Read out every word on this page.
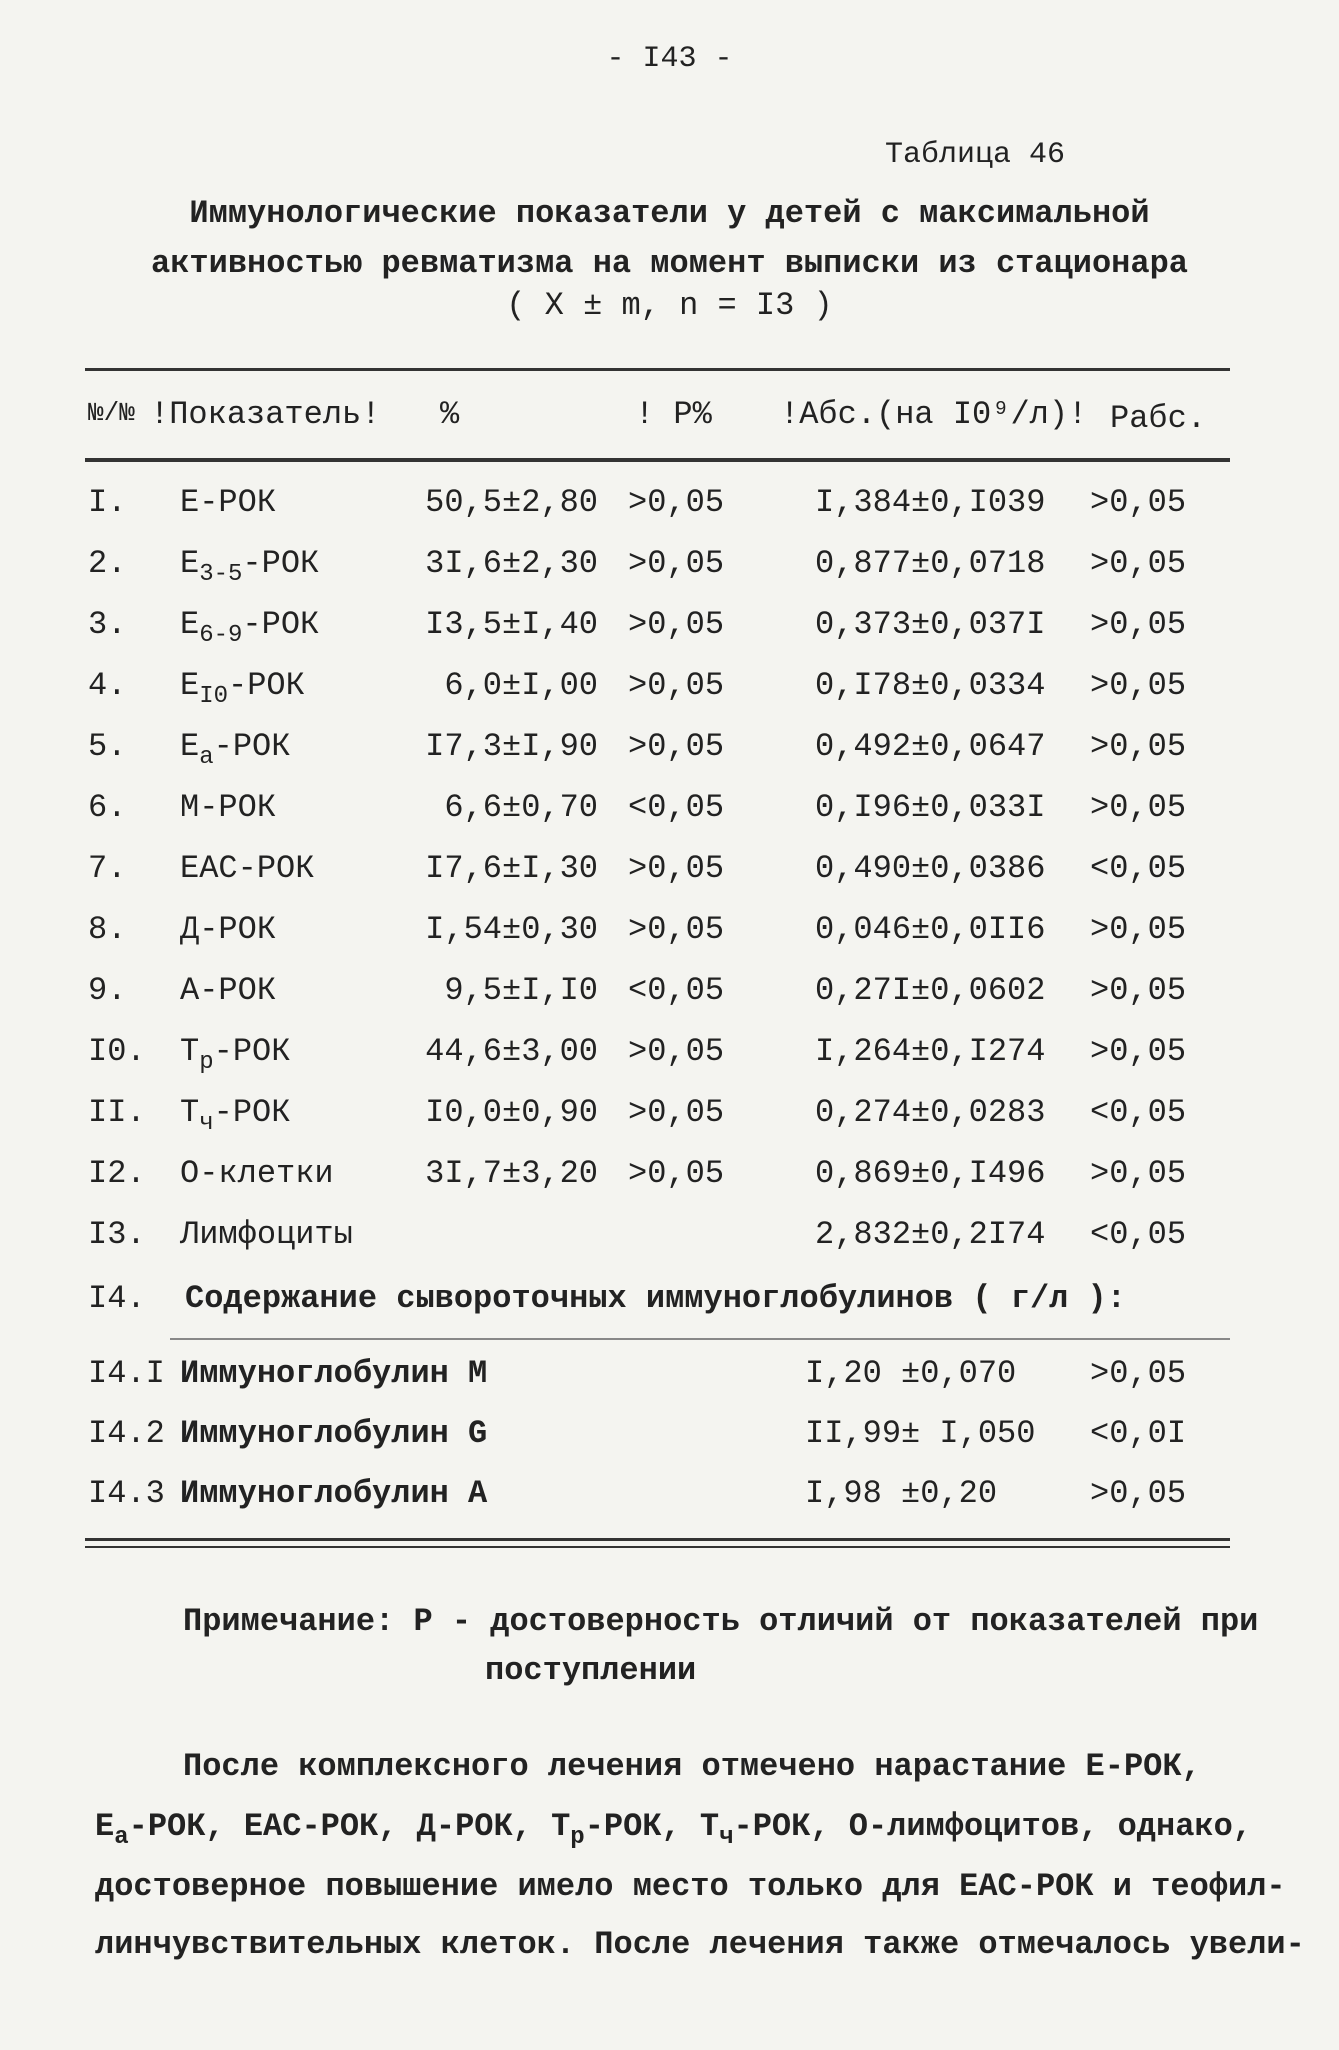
- I43 -
Таблица 46
Иммунологические показатели у детей с максимальной
активностью ревматизма на момент выписки из стационара
( X ± m, n = I3 )
№/№ !Показатель! %	! P% !Абс.(на I0⁹/л)! Pабс.
I. Е-РОК	50,5±2,80 >0,05	I,384±0,I039 >0,05
2. $Е_{3-5}$-РОК	3I,6±2,30 >0,05	0,877±0,0718 >0,05
3. $Е_{6-9}$-РОК	I3,5±I,40 >0,05	0,373±0,037I >0,05
4. $Е_{I0}$-РОК	6,0±I,00 >0,05	0,I78±0,0334 >0,05
5. $Е_а$-РОК	I7,3±I,90 >0,05	0,492±0,0647 >0,05
6. М-РОК	6,6±0,70 <0,05	0,I96±0,033I >0,05
7. ЕАС-РОК	I7,6±I,30 >0,05	0,490±0,0386 <0,05
8. Д-РОК	I,54±0,30 >0,05	0,046±0,0II6 >0,05
9. А-РОК	9,5±I,I0 <0,05	0,27I±0,0602 >0,05
I0. $Т_р$-РОК	44,6±3,00 >0,05	I,264±0,I274 >0,05
II. $Т_ч$-РОК	I0,0±0,90 >0,05	0,274±0,0283 <0,05
I2. О-клетки	3I,7±3,20 >0,05	0,869±0,I496 >0,05
I3. Лимфоциты	2,832±0,2I74 <0,05
I4. Содержание сывороточных иммуноглобулинов ( г/л ):
I4.I Иммуноглобулин М	I,20 ±0,070 >0,05
I4.2 Иммуноглобулин G	II,99± I,050 <0,0I
I4.3 Иммуноглобулин А	I,98 ±0,20	>0,05
Примечание: Р - достоверность отличий от показателей при
поступлении
После комплексного лечения отмечено нарастание Е-РОК,
$Е_а$-РОК, ЕАС-РОК, Д-РОК, $Т_р$-РОК, $Т_ч$-РОК, О-лимфоцитов, однако,
достоверное повышение имело место только для ЕАС-РОК и теофил-
линчувствительных клеток. После лечения также отмечалось увели-
